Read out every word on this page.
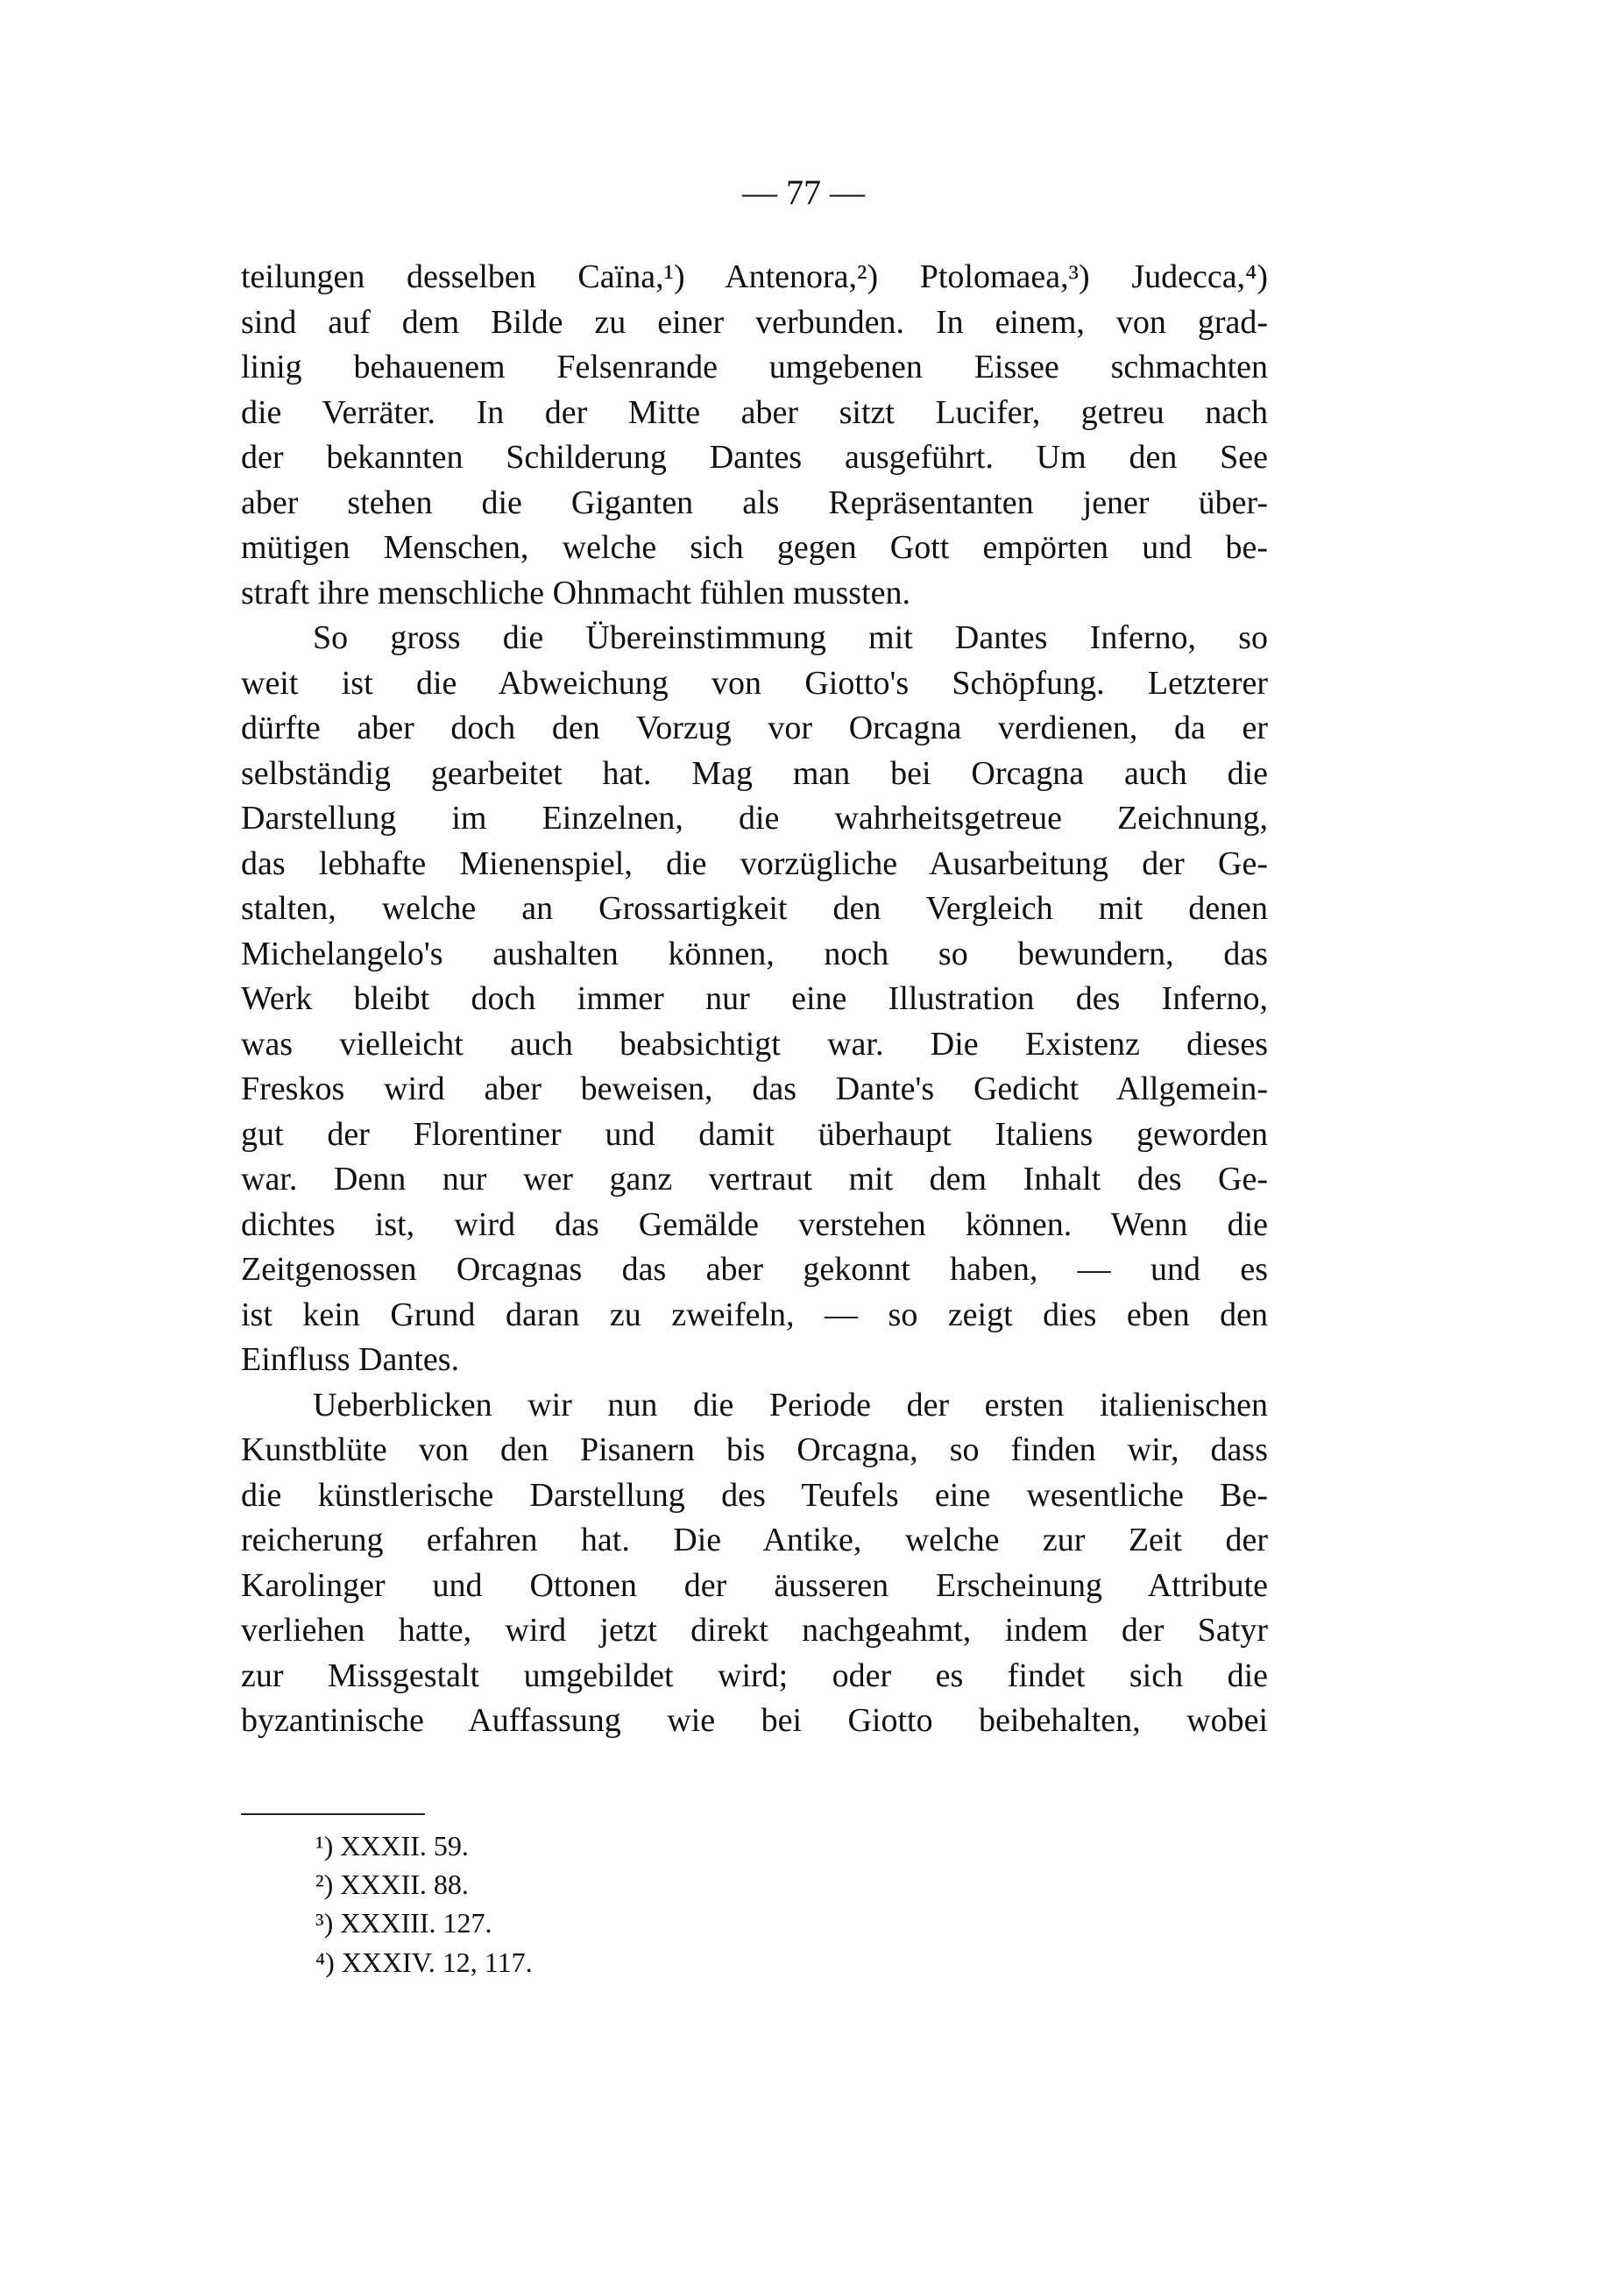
— 77 —
teilungen desselben Caïna,¹) Antenora,²) Ptolomaea,³) Judecca,⁴)
sind auf dem Bilde zu einer verbunden. In einem, von grad-
linig behauenem Felsenrande umgebenen Eissee schmachten
die Verräter. In der Mitte aber sitzt Lucifer, getreu nach
der bekannten Schilderung Dantes ausgeführt. Um den See
aber stehen die Giganten als Repräsentanten jener über-
mütigen Menschen, welche sich gegen Gott empörten und be-
straft ihre menschliche Ohnmacht fühlen mussten.
So gross die Übereinstimmung mit Dantes Inferno, so
weit ist die Abweichung von Giotto's Schöpfung. Letzterer
dürfte aber doch den Vorzug vor Orcagna verdienen, da er
selbständig gearbeitet hat. Mag man bei Orcagna auch die
Darstellung im Einzelnen, die wahrheitsgetreue Zeichnung,
das lebhafte Mienenspiel, die vorzügliche Ausarbeitung der Ge-
stalten, welche an Grossartigkeit den Vergleich mit denen
Michelangelo's aushalten können, noch so bewundern, das
Werk bleibt doch immer nur eine Illustration des Inferno,
was vielleicht auch beabsichtigt war. Die Existenz dieses
Freskos wird aber beweisen, das Dante's Gedicht Allgemein-
gut der Florentiner und damit überhaupt Italiens geworden
war. Denn nur wer ganz vertraut mit dem Inhalt des Ge-
dichtes ist, wird das Gemälde verstehen können. Wenn die
Zeitgenossen Orcagnas das aber gekonnt haben, — und es
ist kein Grund daran zu zweifeln, — so zeigt dies eben den
Einfluss Dantes.
Ueberblicken wir nun die Periode der ersten italienischen
Kunstblüte von den Pisanern bis Orcagna, so finden wir, dass
die künstlerische Darstellung des Teufels eine wesentliche Be-
reicherung erfahren hat. Die Antike, welche zur Zeit der
Karolinger und Ottonen der äusseren Erscheinung Attribute
verliehen hatte, wird jetzt direkt nachgeahmt, indem der Satyr
zur Missgestalt umgebildet wird; oder es findet sich die
byzantinische Auffassung wie bei Giotto beibehalten, wobei
¹) XXXII. 59.
²) XXXII. 88.
³) XXXIII. 127.
⁴) XXXIV. 12, 117.
